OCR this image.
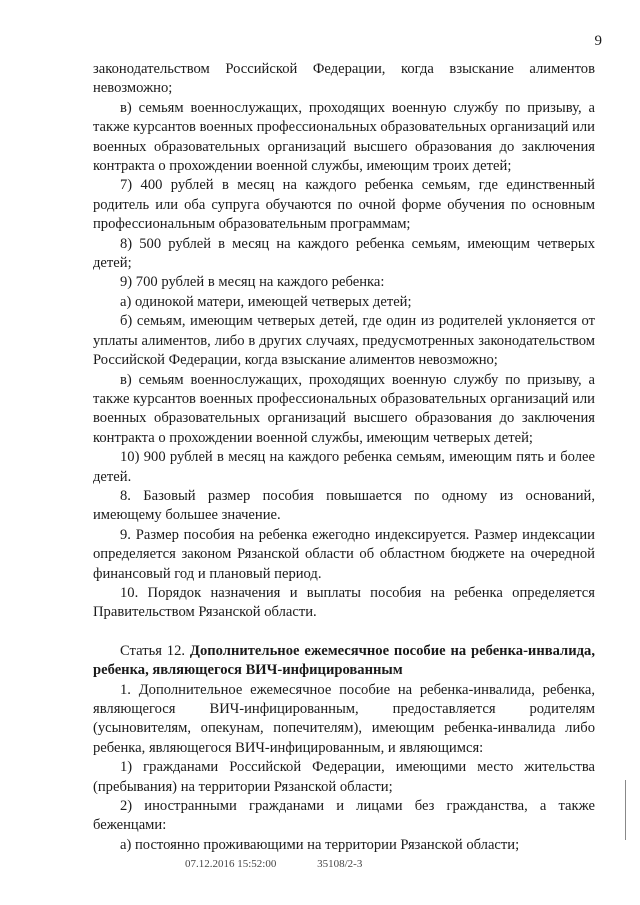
9

законодательством Российской Федерации, когда взыскание алиментов невозможно;

в) семьям военнослужащих, проходящих военную службу по призыву, а также курсантов военных профессиональных образовательных организаций или военных образовательных организаций высшего образования до заключения контракта о прохождении военной службы, имеющим троих детей;

7) 400 рублей в месяц на каждого ребенка семьям, где единственный родитель или оба супруга обучаются по очной форме обучения по основным профессиональным образовательным программам;

8) 500 рублей в месяц на каждого ребенка семьям, имеющим четверых детей;

9) 700 рублей в месяц на каждого ребенка:

а) одинокой матери, имеющей четверых детей;

б) семьям, имеющим четверых детей, где один из родителей уклоняется от уплаты алиментов, либо в других случаях, предусмотренных законодательством Российской Федерации, когда взыскание алиментов невозможно;

в) семьям военнослужащих, проходящих военную службу по призыву, а также курсантов военных профессиональных образовательных организаций или военных образовательных организаций высшего образования до заключения контракта о прохождении военной службы, имеющим четверых детей;

10) 900 рублей в месяц на каждого ребенка семьям, имеющим пять и более детей.

8. Базовый размер пособия повышается по одному из оснований, имеющему большее значение.

9. Размер пособия на ребенка ежегодно индексируется. Размер индексации определяется законом Рязанской области об областном бюджете на очередной финансовый год и плановый период.

10. Порядок назначения и выплаты пособия на ребенка определяется Правительством Рязанской области.

Статья 12. Дополнительное ежемесячное пособие на ребенка-инвалида, ребенка, являющегося ВИЧ-инфицированным

1. Дополнительное ежемесячное пособие на ребенка-инвалида, ребенка, являющегося ВИЧ-инфицированным, предоставляется родителям (усыновителям, опекунам, попечителям), имеющим ребенка-инвалида либо ребенка, являющегося ВИЧ-инфицированным, и являющимся:

1) гражданами Российской Федерации, имеющими место жительства (пребывания) на территории Рязанской области;

2) иностранными гражданами и лицами без гражданства, а также беженцами:

а) постоянно проживающими на территории Рязанской области;

07.12.2016 15:52:00	35108/2-3
